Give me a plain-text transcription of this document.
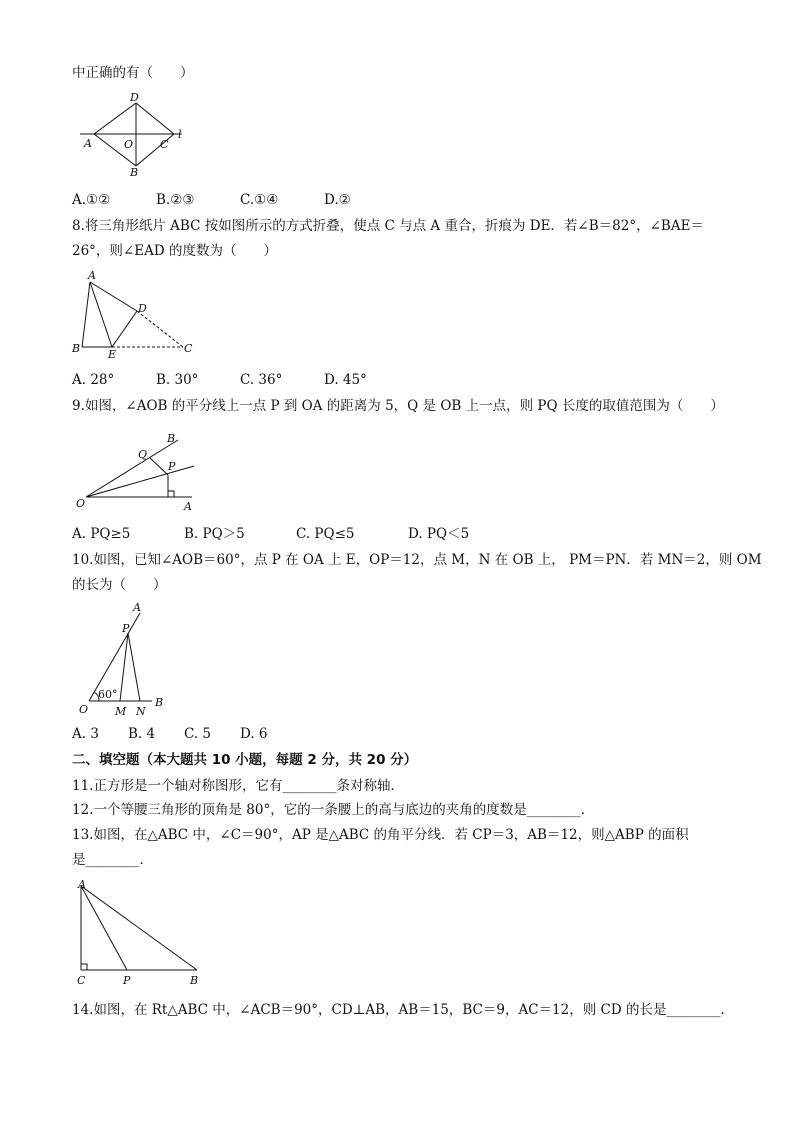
中正确的有（　　）
D
A	O C
l
B
A.①②	B.②③	C.①④	D.②
8.将三角形纸片 ABC 按如图所示的方式折叠，使点 C 与点 A 重合，折痕为 DE．若∠B＝82°，∠BAE＝
26°，则∠EAD 的度数为（　　）
A
D
B	E	C
A. 28°	B. 30°	C. 36°	D. 45°
9.如图，∠AOB 的平分线上一点 P 到 OA 的距离为 5，Q 是 OB 上一点，则 PQ 长度的取值范围为（　　）
B
Q
P
O	A
A. PQ≥5	B. PQ＞5	C. PQ≤5	D. PQ＜5
10.如图，已知∠AOB＝60°，点 P 在 OA 上 E，OP＝12，点 M，N 在 OB 上， PM＝PN．若 MN＝2，则 OM
的长为（　　）
A
P
60°
O M N
B
A. 3 B. 4 C. 5 D. 6
二、填空题（本大题共 10 小题，每题 2 分，共 20 分）
11.正方形是一个轴对称图形，它有________条对称轴．
12.一个等腰三角形的顶角是 80°，它的一条腰上的高与底边的夹角的度数是________．
13.如图，在△ABC 中，∠C＝90°，AP 是△ABC 的角平分线．若 CP＝3，AB＝12，则△ABP 的面积
是________．
A
C	P	B
14.如图，在 Rt△ABC 中，∠ACB＝90°，CD⊥AB，AB＝15，BC＝9，AC＝12，则 CD 的长是________．
